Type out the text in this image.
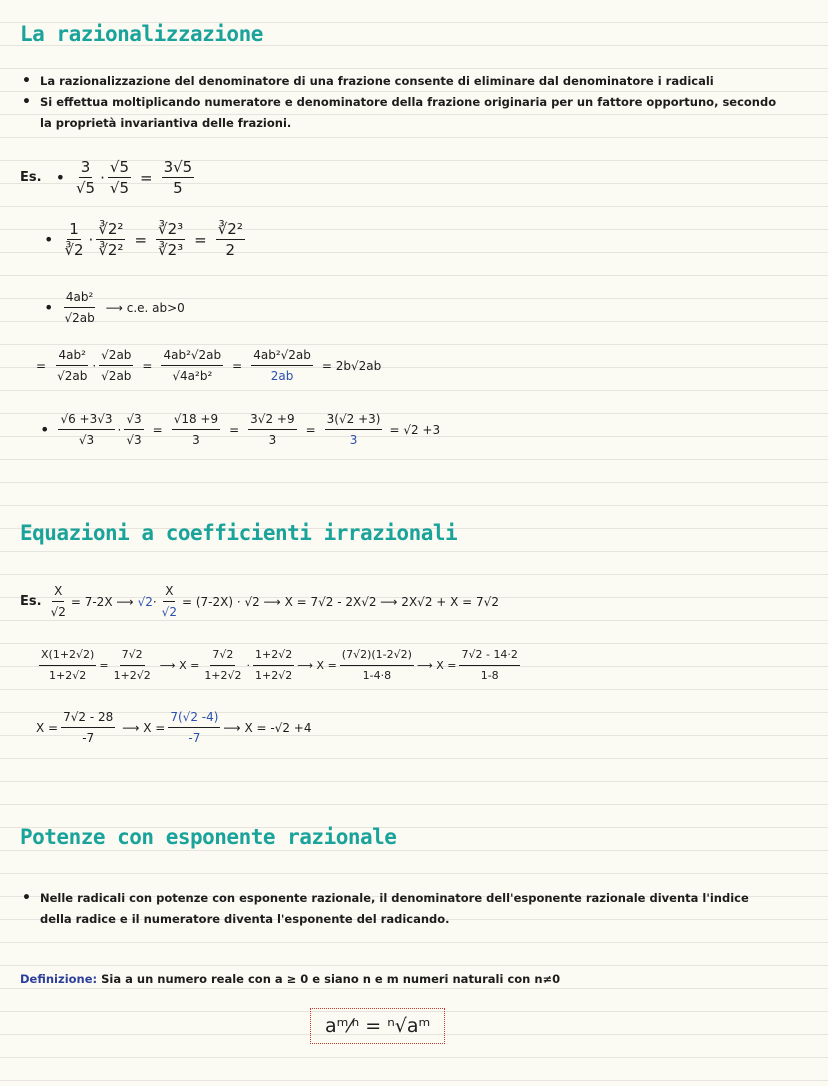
La razionalizzazione
• La razionalizzazione del denominatore di una frazione consente di eliminare dal denominatore i radicali
• Si effettua moltiplicando numeratore e denominatore della frazione originaria per un fattore opportuno, secondo la proprietà invariantiva delle frazioni.
Es. • $\frac{3}{√5} \cdot \frac{√5}{√5} = \frac{3√5}{5}$
• $\frac{1}{∛2} \cdot \frac{\text{∛2²}}{\text{∛2²}} = \frac{\text{∛2³}}{\text{∛2³}} = \frac{\text{∛2²}}{2}$
• $\frac{\text{4ab²}}{√2ab}$ ⟶ c.e. ab>0
= $\frac{\text{4ab²}}{√2ab} \cdot \frac{√2ab}{√2ab} = \frac{\text{4ab²√2ab}}{\text{√4a²b²}} = \frac{\text{4ab²√2ab}}{2ab} = 2b√2ab$
• $\frac{√6 +3√3}{√3} \cdot \frac{√3}{√3} = \frac{√18 +9}{3} = \frac{3√2 +9}{3} = \frac{3(√2 +3)}{3} = √2 +3$
Equazioni a coefficienti irrazionali
Es. $\frac{X}{√2} = 7-2X$ ⟶ $√2 \cdot \frac{X}{√2} = (7-2X) \cdot √2$ ⟶ X = 7√2 - 2X√2 ⟶ 2X√2 + X = 7√2
$\frac{X(1+2√2)}{1+2√2} = \frac{7√2}{1+2√2}$ ⟶ $X = \frac{7√2}{1+2√2} \cdot \frac{1+2√2}{1+2√2}$ ⟶ $X = \frac{(7√2)(1-2√2)}{1-4\cdot 8}$ ⟶ $X = \frac{7√2 - 14\cdot 2}{1-8}$
$X = \frac{7√2 - 28}{-7}$ ⟶ $X = \frac{7(√2 -4)}{-7}$ ⟶ X = -√2 +4
Potenze con esponente razionale
• Nelle radicali con potenze con esponente razionale, il denominatore dell'esponente razionale diventa l'indice della radice e il numeratore diventa l'esponente del radicando.
Definizione: Sia a un numero reale con a ≥ 0 e siano n e m numeri naturali con n≠0
aᵐ⁄ⁿ = ⁿ√aᵐ
